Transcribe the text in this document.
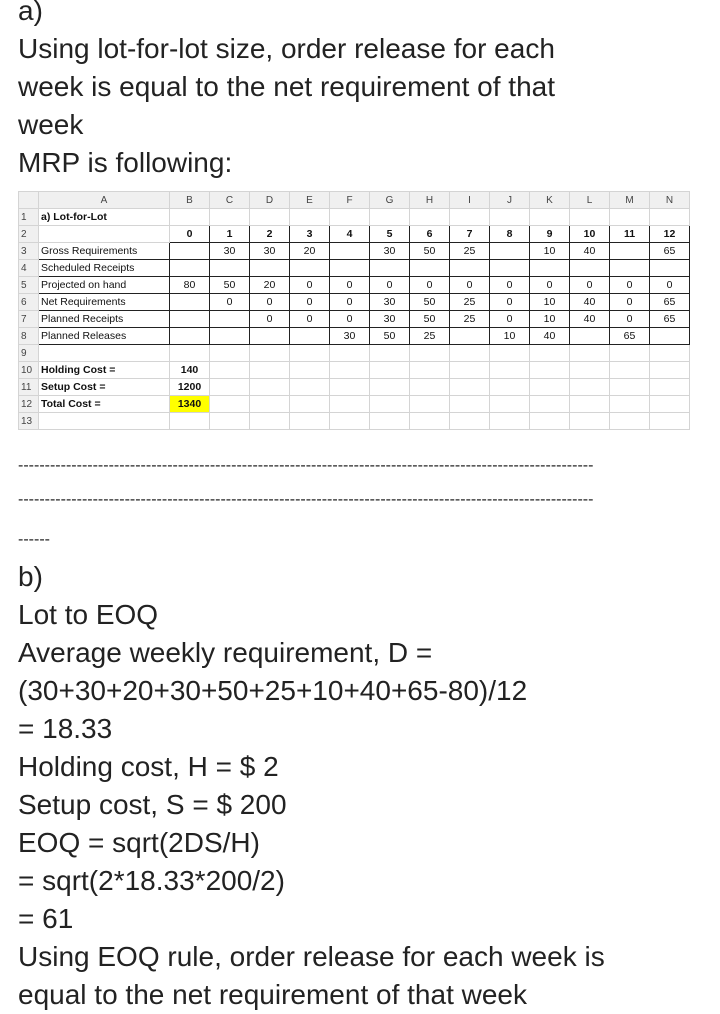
a)
Using lot-for-lot size, order release for each
week is equal to the net requirement of that
week
MRP is following:
	A	B	C	D	E	F	G	H	I	J	K	L	M	N
1	a) Lot-for-Lot													
2		0	1	2	3	4	5	6	7	8	9	10	11	12
3	Gross Requirements		30	30	20		30	50	25		10	40		65
4	Scheduled Receipts													
5	Projected on hand	80	50	20	0	0	0	0	0	0	0	0	0	0
6	Net Requirements		0	0	0	0	30	50	25	0	10	40	0	65
7	Planned Receipts			0	0	0	30	50	25	0	10	40	0	65
8	Planned Releases					30	50	25		10	40		65	
9														
10	Holding Cost =	140												
11	Setup Cost =	1200												
12	Total Cost =	1340												
13														
------------------------------------------------------------------------------------------------------------
------------------------------------------------------------------------------------------------------------
------
b)
Lot to EOQ
Average weekly requirement, D =
(30+30+20+30+50+25+10+40+65-80)/12
= 18.33
Holding cost, H = $ 2
Setup cost, S = $ 200
EOQ = sqrt(2DS/H)
= sqrt(2*18.33*200/2)
= 61
Using EOQ rule, order release for each week is
equal to the net requirement of that week
